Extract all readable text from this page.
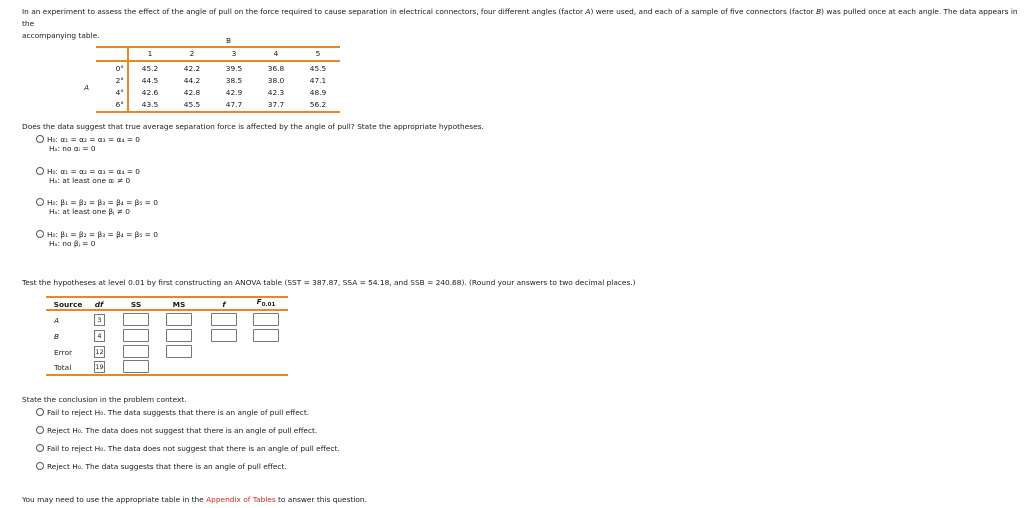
In an experiment to assess the effect of the angle of pull on the force required to cause separation in electrical connectors, four different angles (factor A) were used, and each of a sample of five connectors (factor B) was pulled once at each angle. The data appears in the
accompanying table.
B
1	2	3	4	5
A
0°	45.2	42.2	39.5	36.8	45.5
2°	44.5	44.2	38.5	38.0	47.1
4°	42.6	42.8	42.9	42.3	48.9
6°	43.5	45.5	47.7	37.7	56.2
Does the data suggest that true average separation force is affected by the angle of pull? State the appropriate hypotheses.
H₀: α₁ = α₂ = α₃ = α₄ = 0
Hₐ: no αᵢ = 0
H₀: α₁ = α₂ = α₃ = α₄ = 0
Hₐ: at least one αᵢ ≠ 0
H₀: β₁ = β₂ = β₃ = β₄ = β₅ = 0
Hₐ: at least one βⱼ ≠ 0
H₀: β₁ = β₂ = β₃ = β₄ = β₅ = 0
Hₐ: no βⱼ = 0
Test the hypotheses at level 0.01 by first constructing an ANOVA table (SST = 387.87, SSA = 54.18, and SSB = 240.68). (Round your answers to two decimal places.)
Source	df	SS	MS	f	$F_{0.01}$
A	3
B	4
Error	12
Total	19
State the conclusion in the problem context.
Fail to reject H₀. The data suggests that there is an angle of pull effect.
Reject H₀. The data does not suggest that there is an angle of pull effect.
Fail to reject H₀. The data does not suggest that there is an angle of pull effect.
Reject H₀. The data suggests that there is an angle of pull effect.
You may need to use the appropriate table in the Appendix of Tables to answer this question.
